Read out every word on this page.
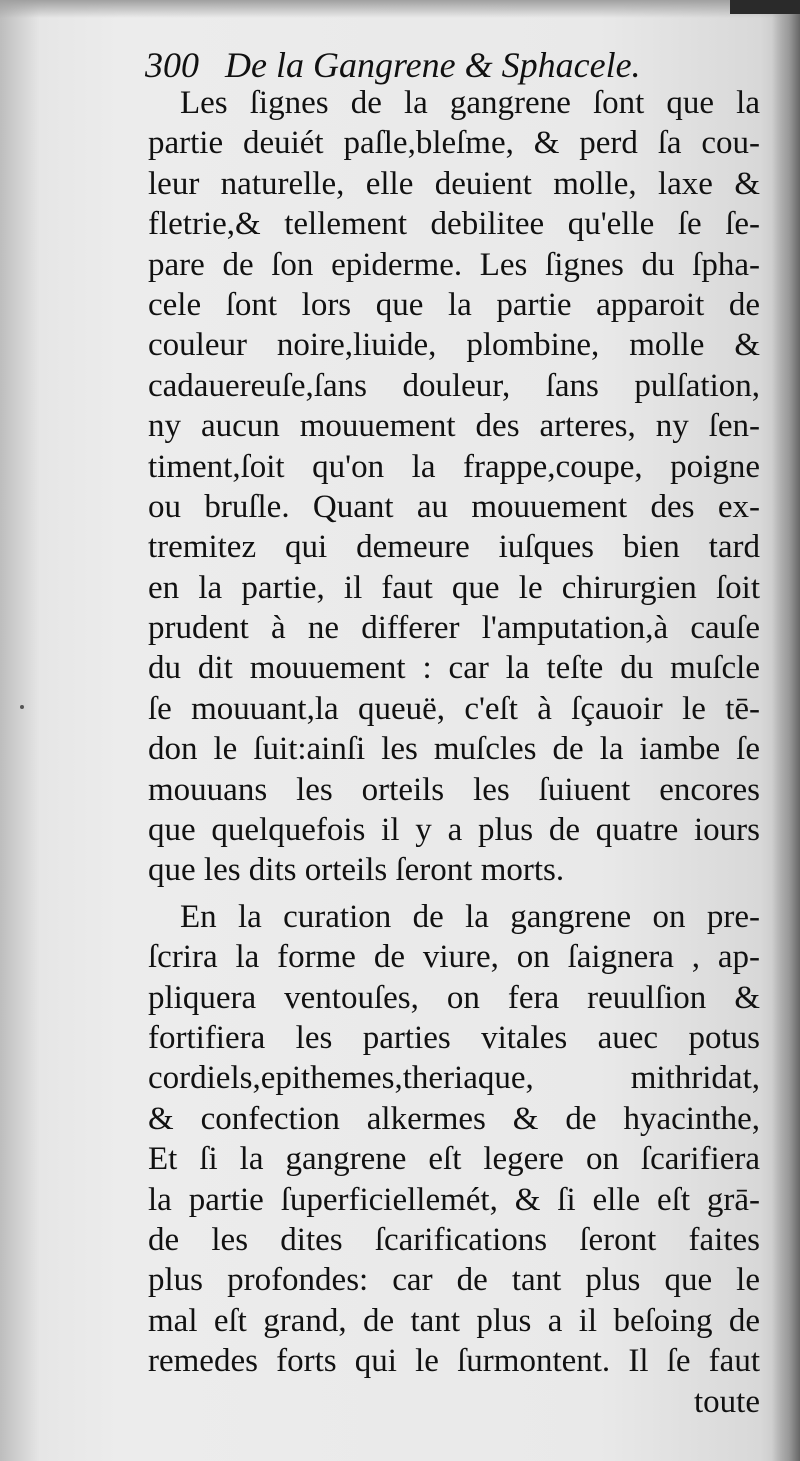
300 De la Gangrene & Sphacele.
Les ſignes de la gangrene ſont que la
partie deuiét paſle,bleſme, & perd ſa cou-
leur naturelle, elle deuient molle, laxe &
fletrie,& tellement debilitee qu'elle ſe ſe-
pare de ſon epiderme. Les ſignes du ſpha-
cele ſont lors que la partie apparoit de
couleur noire,liuide, plombine, molle &
cadauereuſe,ſans douleur, ſans pulſation,
ny aucun mouuement des arteres, ny ſen-
timent,ſoit qu'on la frappe,coupe, poigne
ou bruſle. Quant au mouuement des ex-
tremitez qui demeure iuſques bien tard
en la partie, il faut que le chirurgien ſoit
prudent à ne differer l'amputation,à cauſe
du dit mouuement : car la teſte du muſcle
ſe mouuant,la queuë, c'eſt à ſçauoir le tē-
don le ſuit:ainſi les muſcles de la iambe ſe
mouuans les orteils les ſuiuent encores
que quelquefois il y a plus de quatre iours
que les dits orteils ſeront morts.
En la curation de la gangrene on pre-
ſcrira la forme de viure, on ſaignera , ap-
pliquera ventouſes, on fera reuulſion &
fortifiera les parties vitales auec potus
cordiels,epithemes,theriaque, mithridat,
& confection alkermes & de hyacinthe,
Et ſi la gangrene eſt legere on ſcarifiera
la partie ſuperficiellemét, & ſi elle eſt grā-
de les dites ſcarifications ſeront faites
plus profondes: car de tant plus que le
mal eſt grand, de tant plus a il beſoing de
remedes forts qui le ſurmontent. Il ſe faut
toute
